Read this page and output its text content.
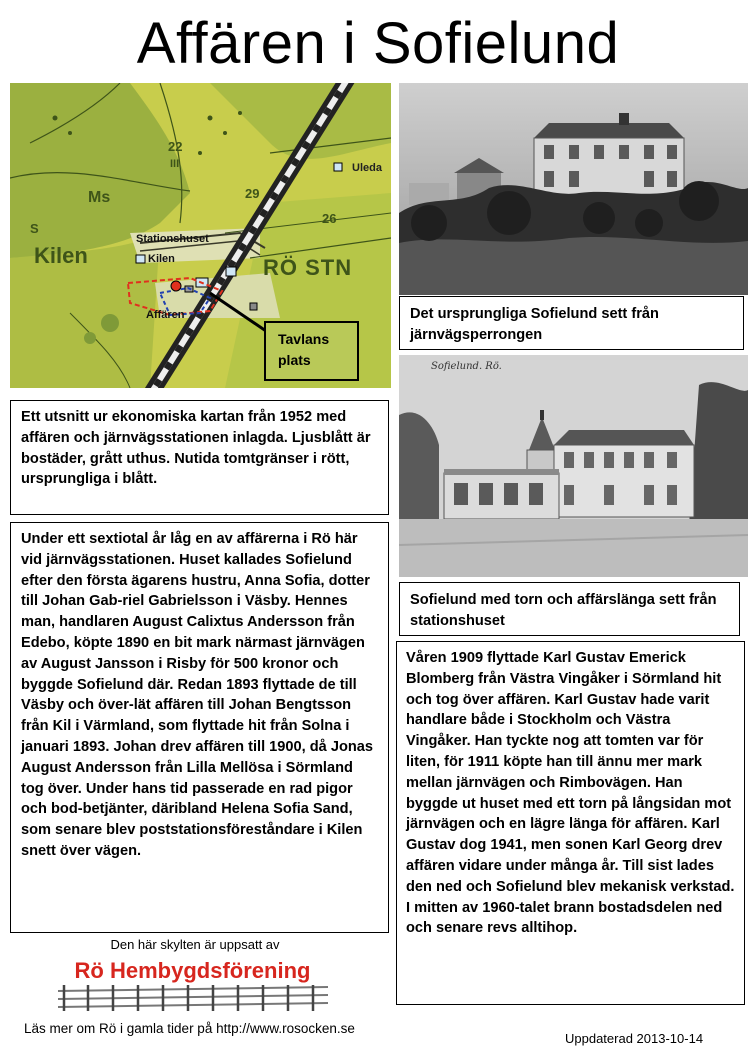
Affären i Sofielund
22
III
29
26
S
Uleda
Ms
Kilen
Stationshuset
Kilen
Affären
RÖ STN
Tavlans
plats

Det ursprungliga Sofielund sett från järnvägsperrongen

Sofielund. Rö.

Sofielund med torn och affärslänga sett från stationshuset

Ett utsnitt ur ekonomiska kartan från 1952 med affären och järnvägsstationen inlagda. Ljusblått är bostäder, grått uthus. Nutida tomtgränser i rött, ursprungliga i blått.

Under ett sextiotal år låg en av affärerna i Rö här vid järnvägsstationen. Huset kallades Sofielund efter den första ägarens hustru, Anna Sofia, dotter till Johan Gab-riel Gabrielsson i Väsby. Hennes man, handlaren August Calixtus Andersson från Edebo, köpte 1890 en bit mark närmast järnvägen av August Jansson i Risby för 500 kronor och byggde Sofielund där. Redan 1893 flyttade de till Väsby och över-lät affären till Johan Bengtsson från Kil i Värmland, som flyttade hit från Solna i januari 1893. Johan drev affären till 1900, då Jonas August Andersson från Lilla Mellösa i Sörmland tog över. Under hans tid passerade en rad pigor och bod-betjänter, däribland Helena Sofia Sand, som senare blev poststationsföreståndare i Kilen snett över vägen.

Våren 1909 flyttade Karl Gustav Emerick Blomberg från Västra Vingåker i Sörmland hit och tog över affären. Karl Gustav hade varit handlare både i Stockholm och Västra Vingåker. Han tyckte nog att tomten var för liten, för 1911 köpte han till ännu mer mark mellan järnvägen och Rimbovägen. Han byggde ut huset med ett torn på långsidan mot järnvägen och en lägre länga för affären. Karl Gustav dog 1941, men sonen Karl Georg drev affären vidare under många år. Till sist lades den ned och Sofielund blev mekanisk verkstad. I mitten av 1960-talet brann bostadsdelen ned och senare revs alltihop.

Den här skylten är uppsatt av
Rö Hembygdsförening
Läs mer om Rö i gamla tider på http://www.rosocken.se
Uppdaterad 2013-10-14
